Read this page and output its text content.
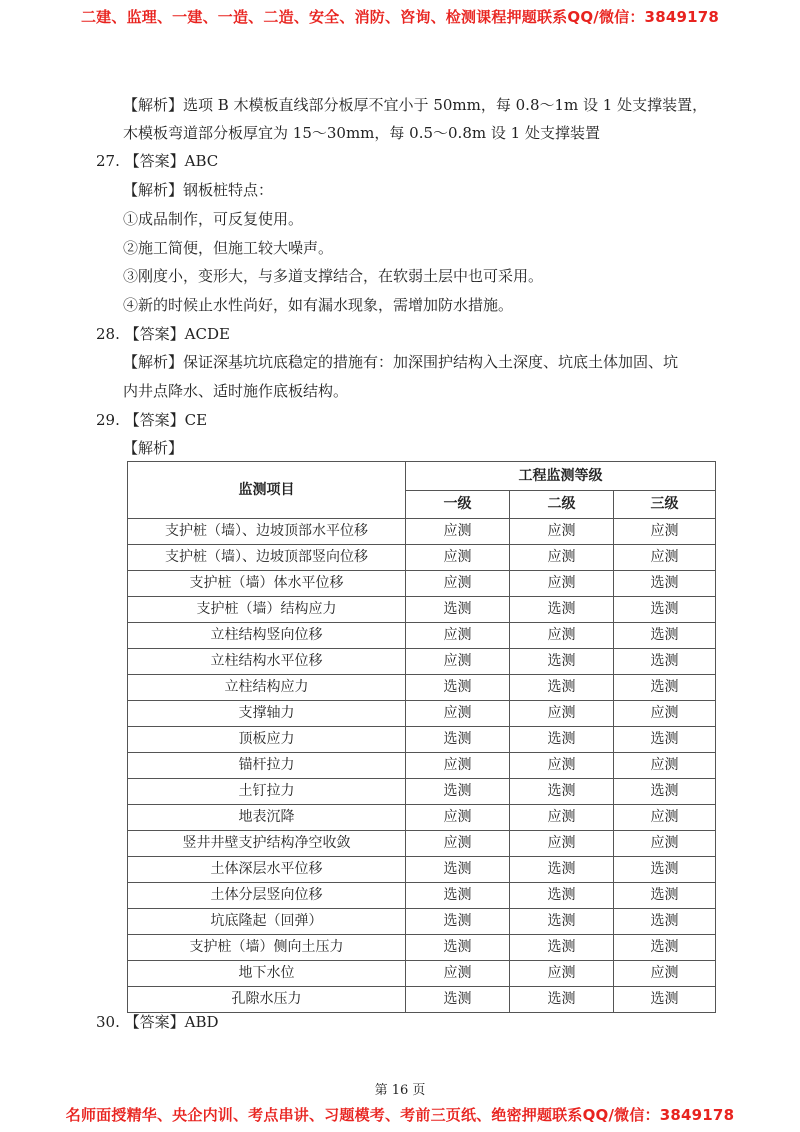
二建、监理、一建、一造、二造、安全、消防、咨询、检测课程押题联系QQ/微信：3849178
【解析】选项 B 木模板直线部分板厚不宜小于 50mm，每 0.8～1m 设 1 处支撑装置，
木模板弯道部分板厚宜为 15～30mm，每 0.5～0.8m 设 1 处支撑装置
27. 【答案】ABC
【解析】钢板桩特点：
①成品制作，可反复使用。
②施工简便，但施工较大噪声。
③刚度小，变形大，与多道支撑结合，在软弱土层中也可采用。
④新的时候止水性尚好，如有漏水现象，需增加防水措施。
28. 【答案】ACDE
【解析】保证深基坑坑底稳定的措施有：加深围护结构入土深度、坑底土体加固、坑
内井点降水、适时施作底板结构。
29. 【答案】CE
【解析】
监测项目	工程监测等级		
	一级	二级	三级
支护桩（墙）、边坡顶部水平位移	应测	应测	应测
支护桩（墙）、边坡顶部竖向位移	应测	应测	应测
支护桩（墙）体水平位移	应测	应测	选测
支护桩（墙）结构应力	选测	选测	选测
立柱结构竖向位移	应测	应测	选测
立柱结构水平位移	应测	选测	选测
立柱结构应力	选测	选测	选测
支撑轴力	应测	应测	应测
顶板应力	选测	选测	选测
锚杆拉力	应测	应测	应测
土钉拉力	选测	选测	选测
地表沉降	应测	应测	应测
竖井井壁支护结构净空收敛	应测	应测	应测
土体深层水平位移	选测	选测	选测
土体分层竖向位移	选测	选测	选测
坑底隆起（回弹）	选测	选测	选测
支护桩（墙）侧向土压力	选测	选测	选测
地下水位	应测	应测	应测
孔隙水压力	选测	选测	选测
30. 【答案】ABD
第 16 页
名师面授精华、央企内训、考点串讲、习题模考、考前三页纸、绝密押题联系QQ/微信：3849178
